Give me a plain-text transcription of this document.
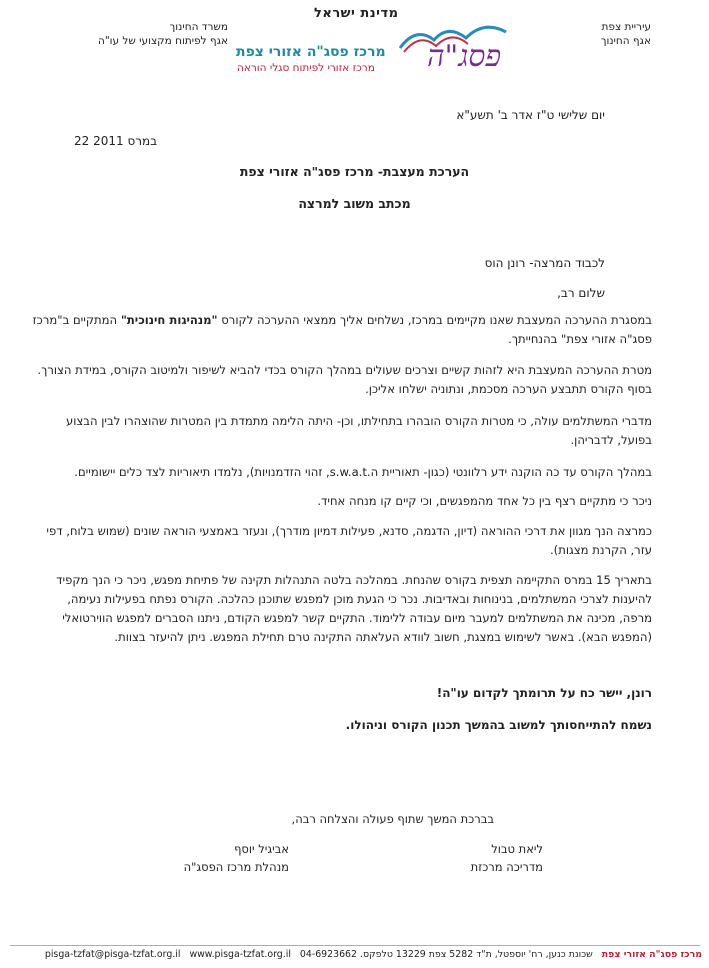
עיריית צפת
אגף החינוך
משרד החינוך
אגף לפיתוח מקצועי של עו"ה
מדינת ישראל
פסג"ה
מרכז פסג"ה אזורי צפת
מרכז אזורי לפיתוח סגלי הוראה
יום שלישי ט"ז אדר ב' תשע"א
22 במרס 2011
הערכת מעצבת- מרכז פסג"ה אזורי צפת
מכתב משוב למרצה
לכבוד המרצה- רונן הוס
שלום רב,
במסגרת ההערכה המעצבת שאנו מקיימים במרכז, נשלחים אליך ממצאי ההערכה לקורס "מנהיגות חינוכית" המתקיים ב"מרכז פסג"ה אזורי צפת" בהנחייתך.
מטרת ההערכה המעצבת היא לזהות קשיים וצרכים שעולים במהלך הקורס בכדי להביא לשיפור ולמיטוב הקורס, במידת הצורך. בסוף הקורס תתבצע הערכה מסכמת, ונתוניה ישלחו אליכן.
מדברי המשתלמים עולה, כי מטרות הקורס הובהרו בתחילתו, וכן- היתה הלימה מתמדת בין המטרות שהוצהרו לבין הבצוע בפועל, לדבריהן.
במהלך הקורס עד כה הוקנה ידע רלוונטי (כגון- תאוריית ה.s.w.a.t, זהוי הזדמנויות), נלמדו תיאוריות לצד כלים יישומיים.
ניכר כי מתקיים רצף בין כל אחד מהמפגשים, וכי קיים קו מנחה אחיד.
כמרצה הנך מגוון את דרכי ההוראה (דיון, הדגמה, סדנא, פעילות דמיון מודרך), ונעזר באמצעי הוראה שונים (שמוש בלוח, דפי עזר, הקרנת מצגות).
בתאריך 15 במרס התקיימה תצפית בקורס שהנחת. במהלכה בלטה התנהלות תקינה של פתיחת מפגש, ניכר כי הנך מקפיד להיענות לצרכי המשתלמים, בנינוחות ובאדיבות. נכר כי הגעת מוכן למפגש שתוכנן כהלכה. הקורס נפתח בפעילות נעימה, מרפה, מכינה את המשתלמים למעבר מיום עבודה ללימוד. התקיים קשר למפגש הקודם, ניתנו הסברים למפגש הווירטואלי (המפגש הבא). באשר לשימוש במצגת, חשוב לוודא העלאתה התקינה טרם תחילת המפגש. ניתן להיעזר בצוות.
רונן, יישר כח על תרומתך לקדום עו"ה!
נשמח להתייחסותך למשוב בהמשך תכנון הקורס וניהולו.
בברכת המשך שתוף פעולה והצלחה רבה,
אביגיל יוסף
מנהלת מרכז הפסג"ה
ליאת טבול
מדריכה מרכזת
מרכז פסג"ה אזורי צפת   שכונת כנען, רח' יוספטל, ת"ד 5282 צפת 13229 טלפקס. 04-6923662   pisga-tzfat@pisga-tzfat.org.il www.pisga-tzfat.org.il
